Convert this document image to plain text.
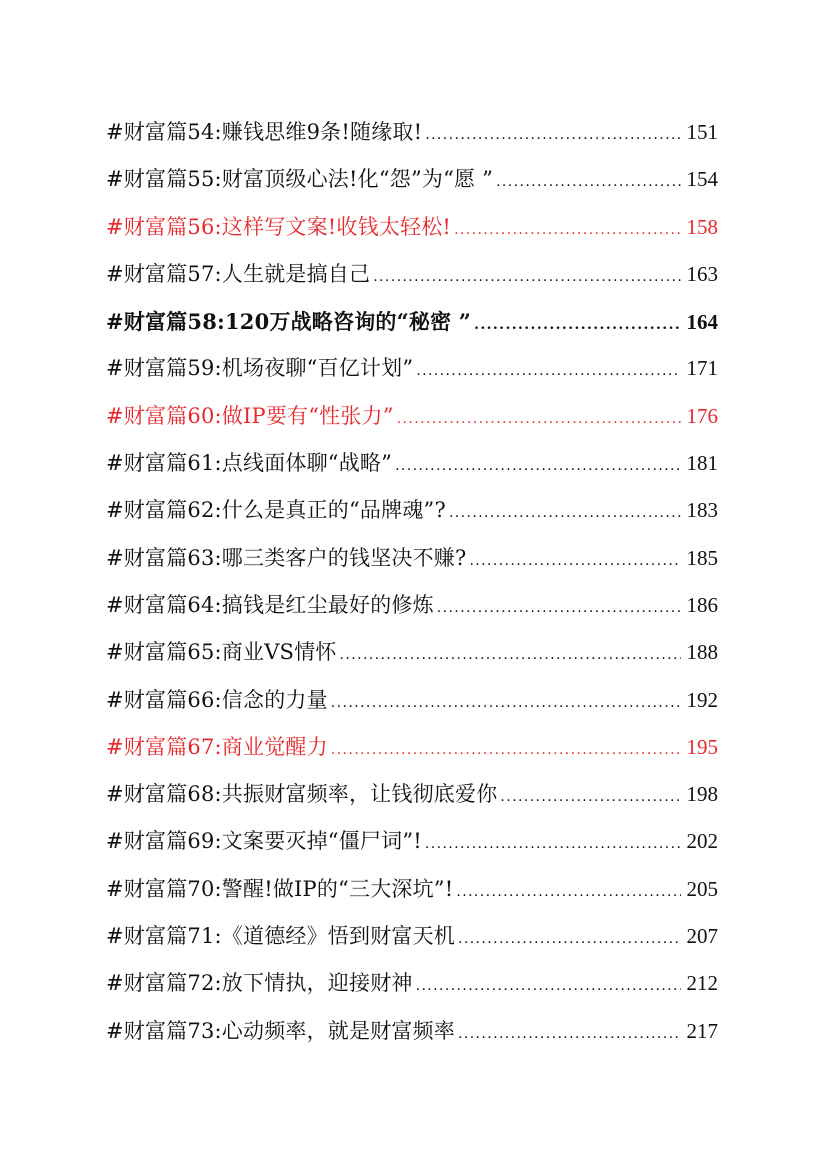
#财富篇54:赚钱思维9条!随缘取! .....	151
#财富篇55:财富顶级心法!化“怨”为“愿 ” .....	154
#财富篇56:这样写文案!收钱太轻松! .....	158
#财富篇57:人生就是搞自己 .....	163
#财富篇58:120万战略咨询的“秘密 ” .....	164
#财富篇59:机场夜聊“百亿计划” .....	171
#财富篇60:做IP要有“性张力” .....	176
#财富篇61:点线面体聊“战略” .....	181
#财富篇62:什么是真正的“品牌魂”? .....	183
#财富篇63:哪三类客户的钱坚决不赚? .....	185
#财富篇64:搞钱是红尘最好的修炼 .....	186
#财富篇65:商业VS情怀 .....	188
#财富篇66:信念的力量 .....	192
#财富篇67:商业觉醒力 .....	195
#财富篇68:共振财富频率，让钱彻底爱你 .....	198
#财富篇69:文案要灭掉“僵尸词”! .....	202
#财富篇70:警醒!做IP的“三大深坑”! .....	205
#财富篇71:《道德经》悟到财富天机 .....	207
#财富篇72:放下情执，迎接财神 .....	212
#财富篇73:心动频率，就是财富频率 .....	217
